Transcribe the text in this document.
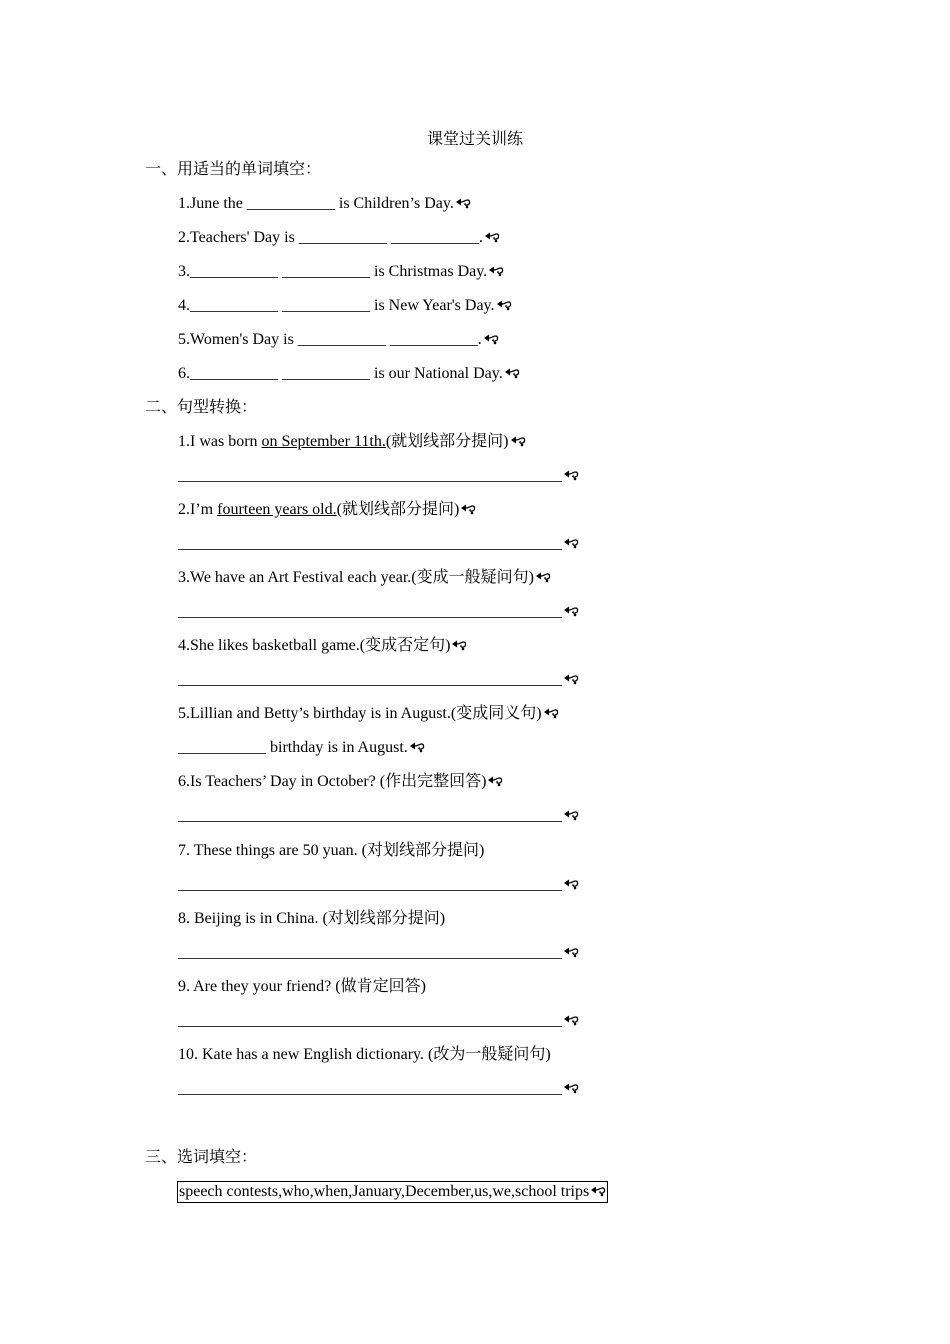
课堂过关训练
一、用适当的单词填空：
1.June the ___________ is Children’s Day.
2.Teachers' Day is ___________ ___________.
3.___________ ___________ is Christmas Day.
4.___________ ___________ is New Year's Day.
5.Women's Day is ___________ ___________.
6.___________ ___________ is our National Day.
二、句型转换：
1.I was born on September 11th.(就划线部分提问)
________________________________________________
2.I’m fourteen years old.(就划线部分提问)
________________________________________________
3.We have an Art Festival each year.(变成一般疑问句)
________________________________________________
4.She likes basketball game.(变成否定句)
________________________________________________
5.Lillian and Betty’s birthday is in August.(变成同义句)
___________ birthday is in August.
6.Is Teachers’ Day in October? (作出完整回答)
________________________________________________
7. These things are 50 yuan. (对划线部分提问)
________________________________________________
8. Beijing is in China. (对划线部分提问)
________________________________________________
9. Are they your friend? (做肯定回答)
________________________________________________
10. Kate has a new English dictionary. (改为一般疑问句)
________________________________________________
三、选词填空：
speech contests,who,when,January,December,us,we,school trips
